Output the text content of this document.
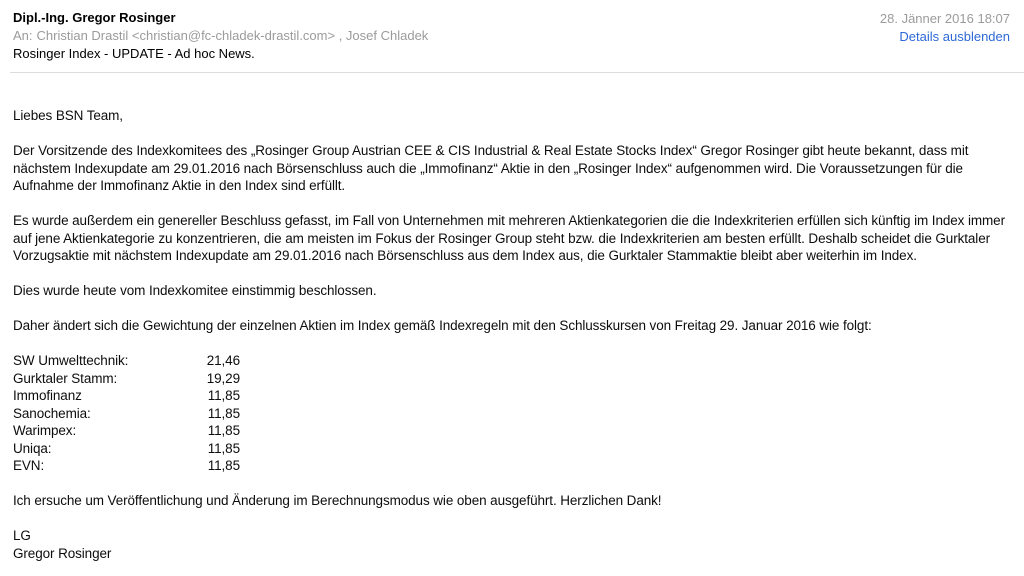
Dipl.-Ing. Gregor Rosinger
An: Christian Drastil <christian@fc-chladek-drastil.com> , Josef Chladek
Rosinger Index - UPDATE - Ad hoc News.
28. Jänner 2016 18:07
Details ausblenden

Liebes BSN Team,

Der Vorsitzende des Indexkomitees des „Rosinger Group Austrian CEE & CIS Industrial & Real Estate Stocks Index“ Gregor Rosinger gibt heute bekannt, dass mit nächstem Indexupdate am 29.01.2016 nach Börsenschluss auch die „Immofinanz“ Aktie in den „Rosinger Index“ aufgenommen wird. Die Voraussetzungen für die Aufnahme der Immofinanz Aktie in den Index sind erfüllt.

Es wurde außerdem ein genereller Beschluss gefasst, im Fall von Unternehmen mit mehreren Aktienkategorien die die Indexkriterien erfüllen sich künftig im Index immer auf jene Aktienkategorie zu konzentrieren, die am meisten im Fokus der Rosinger Group steht bzw. die Indexkriterien am besten erfüllt. Deshalb scheidet die Gurktaler Vorzugsaktie mit nächstem Indexupdate am 29.01.2016 nach Börsenschluss aus dem Index aus, die Gurktaler Stammaktie bleibt aber weiterhin im Index.

Dies wurde heute vom Indexkomitee einstimmig beschlossen.

Daher ändert sich die Gewichtung der einzelnen Aktien im Index gemäß Indexregeln mit den Schlusskursen von Freitag 29. Januar 2016 wie folgt:

SW Umwelttechnik:	21,46
Gurktaler Stamm:	19,29
Immofinanz	11,85
Sanochemia:	11,85
Warimpex:	11,85
Uniqa:	11,85
EVN:	11,85

Ich ersuche um Veröffentlichung und Änderung im Berechnungsmodus wie oben ausgeführt. Herzlichen Dank!

LG

Gregor Rosinger
